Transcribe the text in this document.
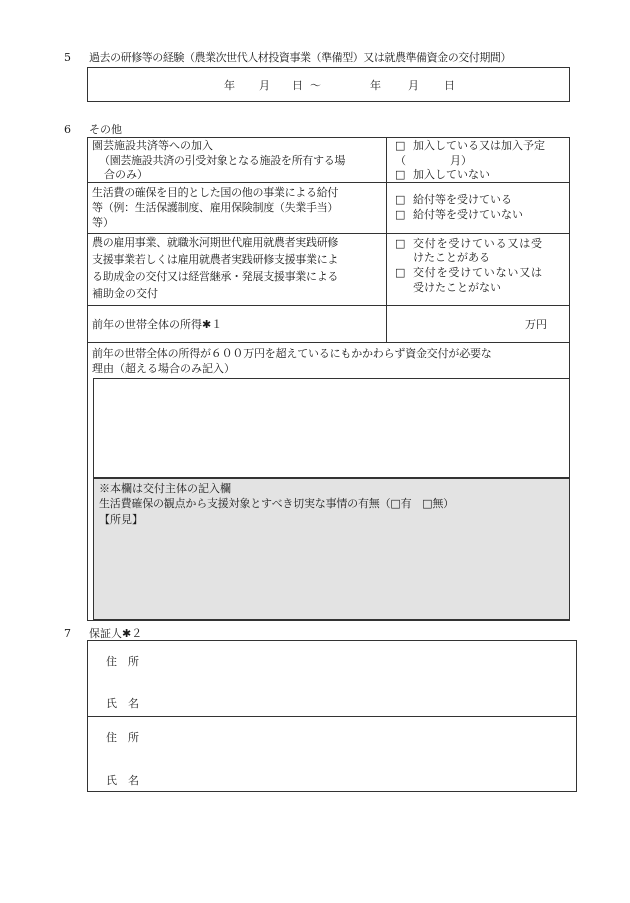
5 過去の研修等の経験（農業次世代人材投資事業（準備型）又は就農準備資金の交付期間）
年 月 日 〜	年 月 日
6 その他
園芸施設共済等への加入
（園芸施設共済の引受対象となる施設を所有する場
合のみ）
□ 加入している又は加入予定
（　　　　月）
□ 加入していない
生活費の確保を目的とした国の他の事業による給付
等（例：生活保護制度、雇用保険制度（失業手当）
等）
□ 給付等を受けている
□ 給付等を受けていない
農の雇用事業、就職氷河期世代雇用就農者実践研修
支援事業若しくは雇用就農者実践研修支援事業によ
る助成金の交付又は経営継承・発展支援事業による
補助金の交付
□ 交付を受けている又は受
けたことがある
□ 交付を受けていない又は
受けたことがない
前年の世帯全体の所得✱１	万円
前年の世帯全体の所得が６００万円を超えているにもかかわらず資金交付が必要な
理由（超える場合のみ記入）
※本欄は交付主体の記入欄
生活費確保の観点から支援対象とすべき切実な事情の有無（□有　□無）
【所見】
7 保証人✱２
住　所
氏　名
住　所
氏　名
